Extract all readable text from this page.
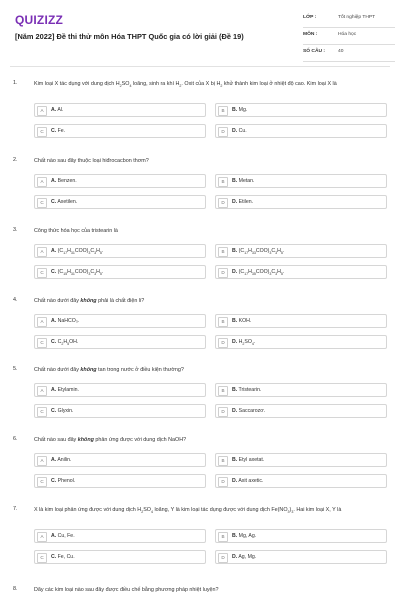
QUIZIZZ
[Năm 2022] Đề thi thử môn Hóa THPT Quốc gia có lời giải (Đề 19)
LỚP :	Tốt nghiệp THPT
MÔN :	Hóa học
SỐ CÂU :	40
1.	Kim loại X tác dụng với dung dịch $H_2SO_4$ loãng, sinh ra khí $H_2$. Oxit của X bị $H_2$ khử thành kim loại ở nhiệt độ cao. Kim loại X là
A	A. Al.	B	B. Mg.
C	C. Fe.	D	D. Cu.
2.	Chất nào sau đây thuộc loại hiđrocacbon thơm?
A	A. Benzen.	B	B. Metan.
C	C. Axetilen.	D	D. Etilen.
3.	Công thức hóa học của tristearin là
A	A. $(C_{17}H_{31}COO)_3C_3H_5$.	B	B. $(C_{17}H_{33}COO)_3C_3H_5$.
C	C. $(C_{15}H_{31}COO)_3C_3H_5$.	D	D. $(C_{17}H_{35}COO)_3C_3H_5$.
4.	Chất nào dưới đây không phải là chất điện li?
A	A. NaHCO₃.	B	B. KOH.
C	C. $C_2H_5OH$.	D	D. $H_2SO_4$.
5.	Chất nào dưới đây không tan trong nước ở điều kiện thường?
A	A. Etylamin.	B	B. Tristearin.
C	C. Glyxin.	D	D. Saccarozơ.
6.	Chất nào sau đây không phản ứng được với dung dịch NaOH?
A	A. Anilin.	B	B. Etyl axetat.
C	C. Phenol.	D	D. Axit axetic.
7.	X là kim loại phản ứng được với dung dịch $H_2SO_4$ loãng, Y là kim loại tác dụng được với dung dịch $Fe(NO_3)_3$. Hai kim loại X, Y là
A	A. Cu, Fe.	B	B. Mg, Ag.
C	C. Fe, Cu.	D	D. Ag, Mg.
8.	Dãy các kim loại nào sau đây được điều chế bằng phương pháp nhiệt luyện?
